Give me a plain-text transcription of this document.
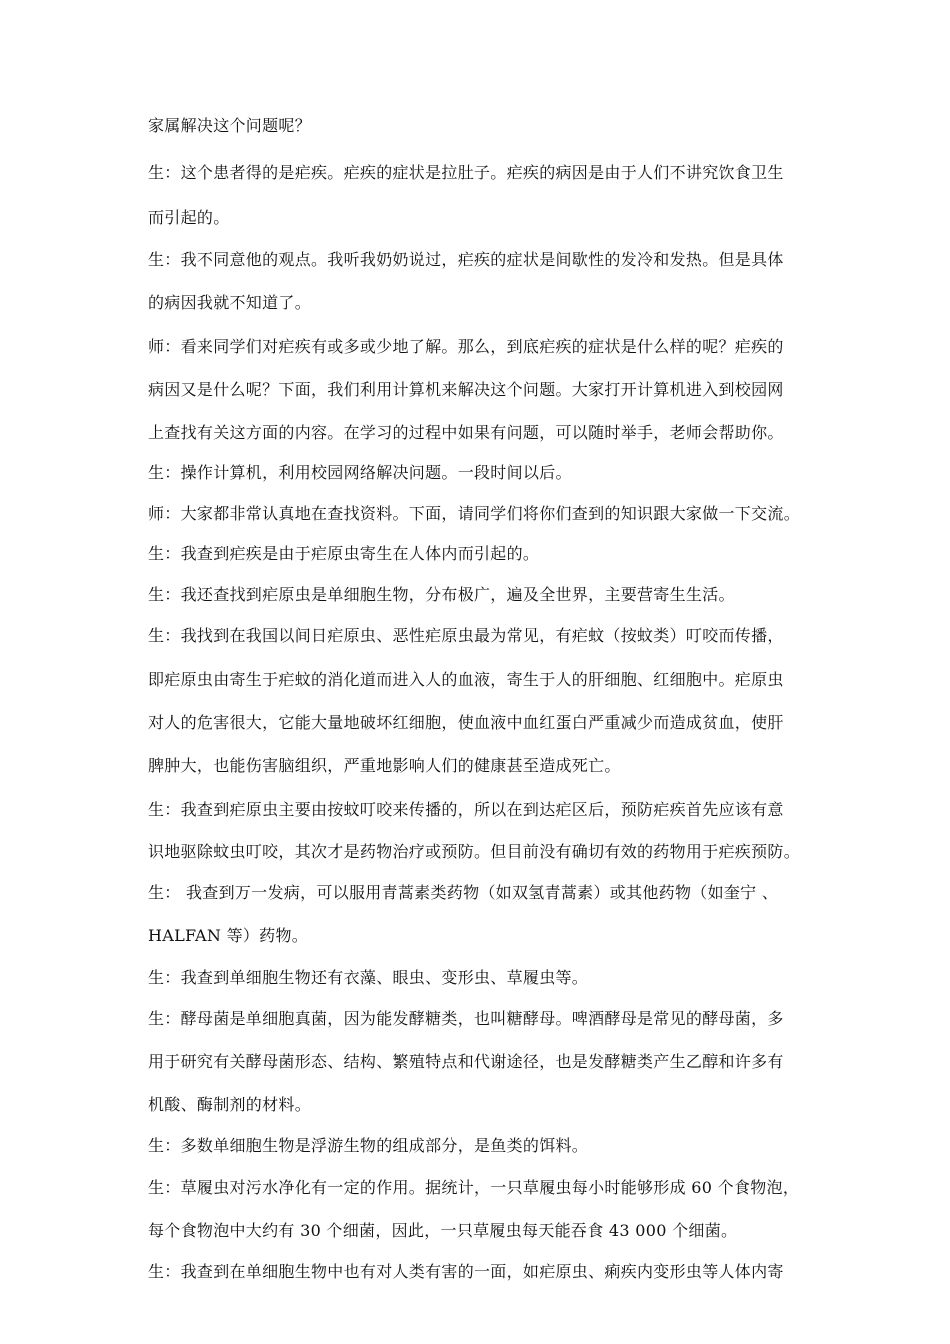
家属解决这个问题呢？
生：这个患者得的是疟疾。疟疾的症状是拉肚子。疟疾的病因是由于人们不讲究饮食卫生
而引起的。
生：我不同意他的观点。我听我奶奶说过，疟疾的症状是间歇性的发冷和发热。但是具体
的病因我就不知道了。
师：看来同学们对疟疾有或多或少地了解。那么，到底疟疾的症状是什么样的呢？疟疾的
病因又是什么呢？下面，我们利用计算机来解决这个问题。大家打开计算机进入到校园网
上查找有关这方面的内容。在学习的过程中如果有问题，可以随时举手，老师会帮助你。
生：操作计算机，利用校园网络解决问题。一段时间以后。
师：大家都非常认真地在查找资料。下面，请同学们将你们查到的知识跟大家做一下交流。
生：我查到疟疾是由于疟原虫寄生在人体内而引起的。
生：我还查找到疟原虫是单细胞生物，分布极广，遍及全世界，主要营寄生生活。
生：我找到在我国以间日疟原虫、恶性疟原虫最为常见，有疟蚊（按蚊类）叮咬而传播，
即疟原虫由寄生于疟蚊的消化道而进入人的血液，寄生于人的肝细胞、红细胞中。疟原虫
对人的危害很大，它能大量地破坏红细胞，使血液中血红蛋白严重减少而造成贫血，使肝
脾肿大，也能伤害脑组织，严重地影响人们的健康甚至造成死亡。
生：我查到疟原虫主要由按蚊叮咬来传播的，所以在到达疟区后，预防疟疾首先应该有意
识地驱除蚊虫叮咬，其次才是药物治疗或预防。但目前没有确切有效的药物用于疟疾预防。
生： 我查到万一发病，可以服用青蒿素类药物（如双氢青蒿素）或其他药物（如奎宁 、
HALFAN 等）药物。
生：我查到单细胞生物还有衣藻、眼虫、变形虫、草履虫等。
生：酵母菌是单细胞真菌，因为能发酵糖类，也叫糖酵母。啤酒酵母是常见的酵母菌，多
用于研究有关酵母菌形态、结构、繁殖特点和代谢途径，也是发酵糖类产生乙醇和许多有
机酸、酶制剂的材料。
生：多数单细胞生物是浮游生物的组成部分，是鱼类的饵料。
生：草履虫对污水净化有一定的作用。据统计，一只草履虫每小时能够形成 60 个食物泡，
每个食物泡中大约有 30 个细菌，因此，一只草履虫每天能吞食 43 000 个细菌。
生：我查到在单细胞生物中也有对人类有害的一面，如疟原虫、痢疾内变形虫等人体内寄
